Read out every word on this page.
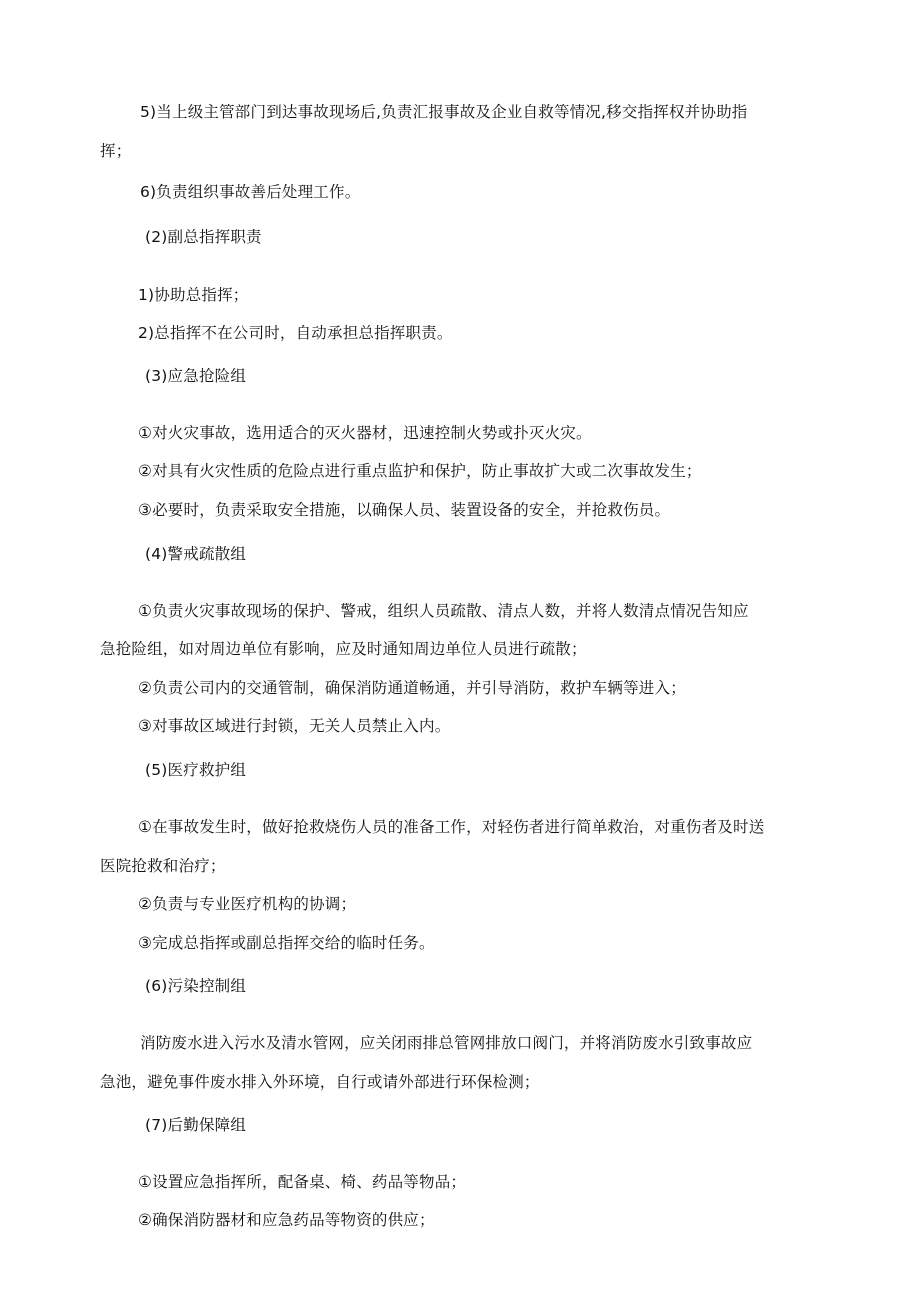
5)当上级主管部门到达事故现场后,负责汇报事故及企业自救等情况,移交指挥权并协助指
挥；
6)负责组织事故善后处理工作。
(2)副总指挥职责
1)协助总指挥；
2)总指挥不在公司时，自动承担总指挥职责。
(3)应急抢险组
①对火灾事故，选用适合的灭火器材，迅速控制火势或扑灭火灾。
②对具有火灾性质的危险点进行重点监护和保护，防止事故扩大或二次事故发生；
③必要时，负责采取安全措施，以确保人员、装置设备的安全，并抢救伤员。
(4)警戒疏散组
①负责火灾事故现场的保护、警戒，组织人员疏散、清点人数，并将人数清点情况告知应
急抢险组，如对周边单位有影响，应及时通知周边单位人员进行疏散；
②负责公司内的交通管制，确保消防通道畅通，并引导消防，救护车辆等进入；
③对事故区域进行封锁，无关人员禁止入内。
(5)医疗救护组
①在事故发生时，做好抢救烧伤人员的准备工作，对轻伤者进行简单救治，对重伤者及时送
医院抢救和治疗；
②负责与专业医疗机构的协调；
③完成总指挥或副总指挥交给的临时任务。
(6)污染控制组
消防废水进入污水及清水管网，应关闭雨排总管网排放口阀门，并将消防废水引致事故应
急池，避免事件废水排入外环境，自行或请外部进行环保检测；
(7)后勤保障组
①设置应急指挥所，配备桌、椅、药品等物品；
②确保消防器材和应急药品等物资的供应；
